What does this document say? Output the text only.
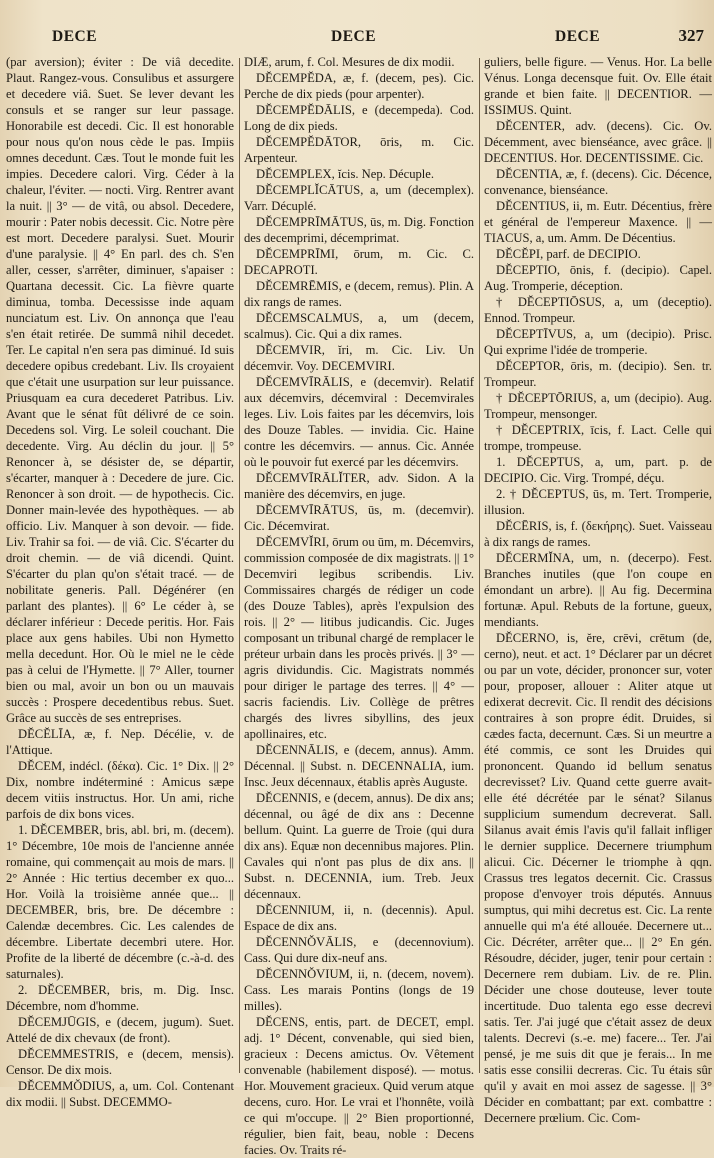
DECE	DECE	DECE	327

(par aversion); éviter : De viâ decedite. Plaut. Rangez-vous. Consulibus et assurgere et decedere viâ. Suet. Se lever devant les consuls et se ranger sur leur passage. Honorabile est decedi. Cic. Il est honorable pour nous qu'on nous cède le pas. Impiis omnes decedunt. Cæs. Tout le monde fuit les impies. Decedere calori. Virg. Céder à la chaleur, l'éviter. — nocti. Virg. Rentrer avant la nuit. || 3° — de vitâ, ou absol. Decedere, mourir : Pater nobis decessit. Cic. Notre père est mort. Decedere paralysi. Suet. Mourir d'une paralysie. || 4° En parl. des ch. S'en aller, cesser, s'arrêter, diminuer, s'apaiser : Quartana decessit. Cic. La fièvre quarte diminua, tomba. Decessisse inde aquam nunciatum est. Liv. On annonça que l'eau s'en était retirée. De summâ nihil decedet. Ter. Le capital n'en sera pas diminué. Id suis decedere opibus credebant. Liv. Ils croyaient que c'était une usurpation sur leur puissance. Priusquam ea cura decederet Patribus. Liv. Avant que le sénat fût délivré de ce soin. Decedens sol. Virg. Le soleil couchant. Die decedente. Virg. Au déclin du jour. || 5° Renoncer à, se désister de, se départir, s'écarter, manquer à : Decedere de jure. Cic. Renoncer à son droit. — de hypothecis. Cic. Donner main-levée des hypothèques. — ab officio. Liv. Manquer à son devoir. — fide. Liv. Trahir sa foi. — de viâ. Cic. S'écarter du droit chemin. — de viâ dicendi. Quint. S'écarter du plan qu'on s'était tracé. — de nobilitate generis. Pall. Dégénérer (en parlant des plantes). || 6° Le céder à, se déclarer inférieur : Decede peritis. Hor. Fais place aux gens habiles. Ubi non Hymetto mella decedunt. Hor. Où le miel ne le cède pas à celui de l'Hymette. || 7° Aller, tourner bien ou mal, avoir un bon ou un mauvais succès : Prospere decedentibus rebus. Suet. Grâce au succès de ses entreprises.

DĔCĔLĪA, æ, f. Nep. Décélie, v. de l'Attique.

DĔCEM, indécl. (δέκα). Cic. 1° Dix. || 2° Dix, nombre indéterminé : Amicus sæpe decem vitiis instructus. Hor. Un ami, riche parfois de dix bons vices.

1. DĔCEMBER, bris, abl. bri, m. (decem). 1° Décembre, 10e mois de l'ancienne année romaine, qui commençait au mois de mars. || 2° Année : Hic tertius december ex quo... Hor. Voilà la troisième année que... || DECEMBER, bris, bre. De décembre : Calendæ decembres. Cic. Les calendes de décembre. Libertate decembri utere. Hor. Profite de la liberté de décembre (c.-à-d. des saturnales).

2. DĔCEMBER, bris, m. Dig. Insc. Décembre, nom d'homme.

DĔCEMJŪGIS, e (decem, jugum). Suet. Attelé de dix chevaux (de front).

DĔCEMMESTRIS, e (decem, mensis). Censor. De dix mois.

DĔCEMMŎDIUS, a, um. Col. Contenant dix modii. || Subst. DECEMMO-

DIÆ, arum, f. Col. Mesures de dix modii.

DĔCEMPĔDA, æ, f. (decem, pes). Cic. Perche de dix pieds (pour arpenter).

DĔCEMPĔDĀLIS, e (decempeda). Cod. Long de dix pieds.

DĔCEMPĔDĀTOR, ōris, m. Cic. Arpenteur.

DĔCEMPLEX, ĭcis. Nep. Décuple.

DĔCEMPLĬCĀTUS, a, um (decemplex). Varr. Décuplé.

DĔCEMPRĪMĀTUS, ūs, m. Dig. Fonction des decemprimi, décemprimat.

DĔCEMPRĪMI, ōrum, m. Cic. C. DECAPROTI.

DĔCEMRĒMIS, e (decem, remus). Plin. A dix rangs de rames.

DĔCEMSCALMUS, a, um (decem, scalmus). Cic. Qui a dix rames.

DĔCEMVIR, ĭri, m. Cic. Liv. Un décemvir. Voy. DECEMVIRI.

DĔCEMVĪRĀLIS, e (decemvir). Relatif aux décemvirs, décemviral : Decemvirales leges. Liv. Lois faites par les décemvirs, lois des Douze Tables. — invidia. Cic. Haine contre les décemvirs. — annus. Cic. Année où le pouvoir fut exercé par les décemvirs.

DĔCEMVĪRĀLĬTER, adv. Sidon. A la manière des décemvirs, en juge.

DĔCEMVĪRĀTUS, ūs, m. (decemvir). Cic. Décemvirat.

DĔCEMVĬRI, ōrum ou ūm, m. Décemvirs, commission composée de dix magistrats. || 1° Decemviri legibus scribendis. Liv. Commissaires chargés de rédiger un code (des Douze Tables), après l'expulsion des rois. || 2° — litibus judicandis. Cic. Juges composant un tribunal chargé de remplacer le préteur urbain dans les procès privés. || 3° — agris dividundis. Cic. Magistrats nommés pour diriger le partage des terres. || 4° — sacris faciendis. Liv. Collège de prêtres chargés des livres sibyllins, des jeux apollinaires, etc.

DĔCENNĀLIS, e (decem, annus). Amm. Décennal. || Subst. n. DECENNALIA, ium. Insc. Jeux décennaux, établis après Auguste.

DĔCENNIS, e (decem, annus). De dix ans; décennal, ou âgé de dix ans : Decenne bellum. Quint. La guerre de Troie (qui dura dix ans). Equæ non decennibus majores. Plin. Cavales qui n'ont pas plus de dix ans. || Subst. n. DECENNIA, ium. Treb. Jeux décennaux.

DĔCENNIUM, ii, n. (decennis). Apul. Espace de dix ans.

DĔCENNŎVĀLIS, e (decennovium). Cass. Qui dure dix-neuf ans.

DĔCENNŎVIUM, ii, n. (decem, novem). Cass. Les marais Pontins (longs de 19 milles).

DĔCENS, entis, part. de DECET, empl. adj. 1° Décent, convenable, qui sied bien, gracieux : Decens amictus. Ov. Vêtement convenable (habilement disposé). — motus. Hor. Mouvement gracieux. Quid verum atque decens, curo. Hor. Le vrai et l'honnête, voilà ce qui m'occupe. || 2° Bien proportionné, régulier, bien fait, beau, noble : Decens facies. Ov. Traits ré-

guliers, belle figure. — Venus. Hor. La belle Vénus. Longa decensque fuit. Ov. Elle était grande et bien faite. || DECENTIOR. — ISSIMUS. Quint.

DĔCENTER, adv. (decens). Cic. Ov. Décemment, avec bienséance, avec grâce. || DECENTIUS. Hor. DECENTISSIME. Cic.

DĔCENTIA, æ, f. (decens). Cic. Décence, convenance, bienséance.

DĔCENTIUS, ii, m. Eutr. Décentius, frère et général de l'empereur Maxence. || — TIACUS, a, um. Amm. De Décentius.

DĔCĔPI, parf. de DECIPIO.

DĔCEPTIO, ōnis, f. (decipio). Capel. Aug. Tromperie, déception.

† DĔCEPTIŌSUS, a, um (deceptio). Ennod. Trompeur.

DĔCEPTĪVUS, a, um (decipio). Prisc. Qui exprime l'idée de tromperie.

DĔCEPTOR, ōris, m. (decipio). Sen. tr. Trompeur.

† DĔCEPTŌRIUS, a, um (decipio). Aug. Trompeur, mensonger.

† DĔCEPTRIX, īcis, f. Lact. Celle qui trompe, trompeuse.

1. DĔCEPTUS, a, um, part. p. de DECIPIO. Cic. Virg. Trompé, déçu.

2. † DĔCEPTUS, ūs, m. Tert. Tromperie, illusion.

DĔCĒRIS, is, f. (δεκήρης). Suet. Vaisseau à dix rangs de rames.

DĔCERMĬNA, um, n. (decerpo). Fest. Branches inutiles (que l'on coupe en émondant un arbre). || Au fig. Decermina fortunæ. Apul. Rebuts de la fortune, gueux, mendiants.

DĔCERNO, is, ĕre, crēvi, crētum (de, cerno), neut. et act. 1° Déclarer par un décret ou par un vote, décider, prononcer sur, voter pour, proposer, allouer : Aliter atque ut edixerat decrevit. Cic. Il rendit des décisions contraires à son propre édit. Druides, si cædes facta, decernunt. Cæs. Si un meurtre a été commis, ce sont les Druides qui prononcent. Quando id bellum senatus decrevisset? Liv. Quand cette guerre avait-elle été décrétée par le sénat? Silanus supplicium sumendum decreverat. Sall. Silanus avait émis l'avis qu'il fallait infliger le dernier supplice. Decernere triumphum alicui. Cic. Décerner le triomphe à qqn. Crassus tres legatos decernit. Cic. Crassus propose d'envoyer trois députés. Annuus sumptus, qui mihi decretus est. Cic. La rente annuelle qui m'a été allouée. Decernere ut... Cic. Décréter, arrêter que... || 2° En gén. Résoudre, décider, juger, tenir pour certain : Decernere rem dubiam. Liv. de re. Plin. Décider une chose douteuse, lever toute incertitude. Duo talenta ego esse decrevi satis. Ter. J'ai jugé que c'était assez de deux talents. Decrevi (s.-e. me) facere... Ter. J'ai pensé, je me suis dit que je ferais... In me satis esse consilii decreras. Cic. Tu étais sûr qu'il y avait en moi assez de sagesse. || 3° Décider en combattant; par ext. combattre : Decernere prœlium. Cic. Com-
